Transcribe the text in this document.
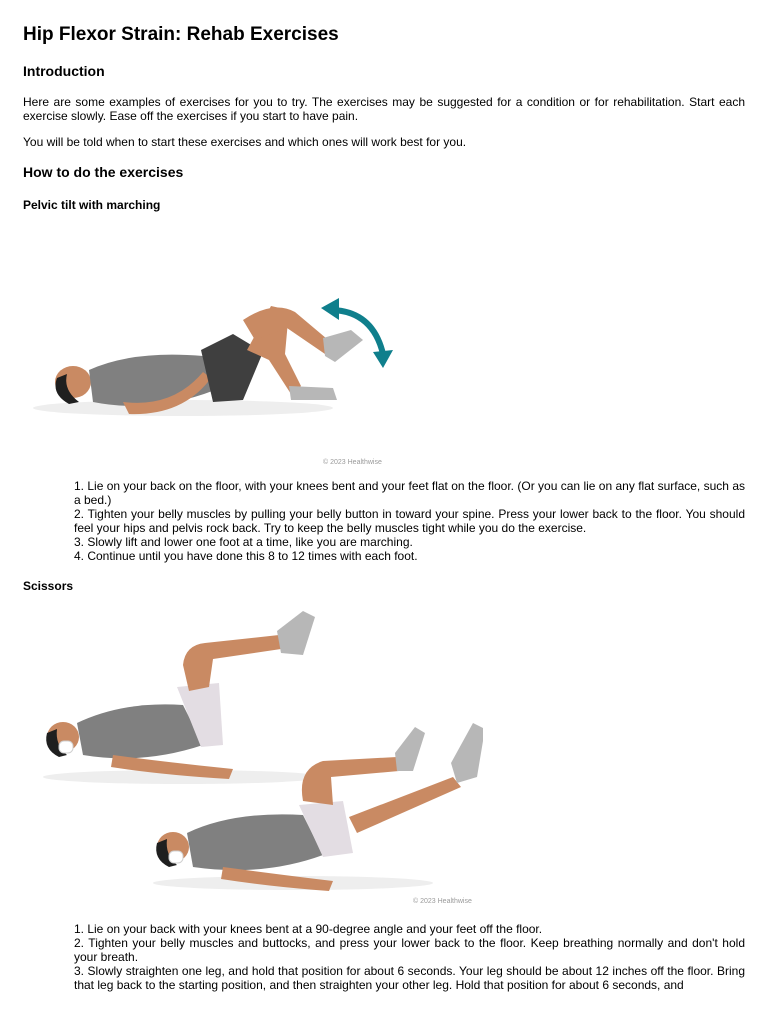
Hip Flexor Strain: Rehab Exercises
Introduction

Here are some examples of exercises for you to try. The exercises may be suggested for a condition or for rehabilitation. Start each exercise slowly. Ease off the exercises if you start to have pain.

You will be told when to start these exercises and which ones will work best for you.

How to do the exercises
Pelvic tilt with marching
© 2023 Healthwise
1. Lie on your back on the floor, with your knees bent and your feet flat on the floor. (Or you can lie on any flat surface, such as a bed.)
2. Tighten your belly muscles by pulling your belly button in toward your spine. Press your lower back to the floor. You should feel your hips and pelvis rock back. Try to keep the belly muscles tight while you do the exercise.
3. Slowly lift and lower one foot at a time, like you are marching.
4. Continue until you have done this 8 to 12 times with each foot.
Scissors
© 2023 Healthwise
1. Lie on your back with your knees bent at a 90-degree angle and your feet off the floor.
2. Tighten your belly muscles and buttocks, and press your lower back to the floor. Keep breathing normally and don't hold your breath.
3. Slowly straighten one leg, and hold that position for about 6 seconds. Your leg should be about 12 inches off the floor. Bring that leg back to the starting position, and then straighten your other leg. Hold that position for about 6 seconds, and
